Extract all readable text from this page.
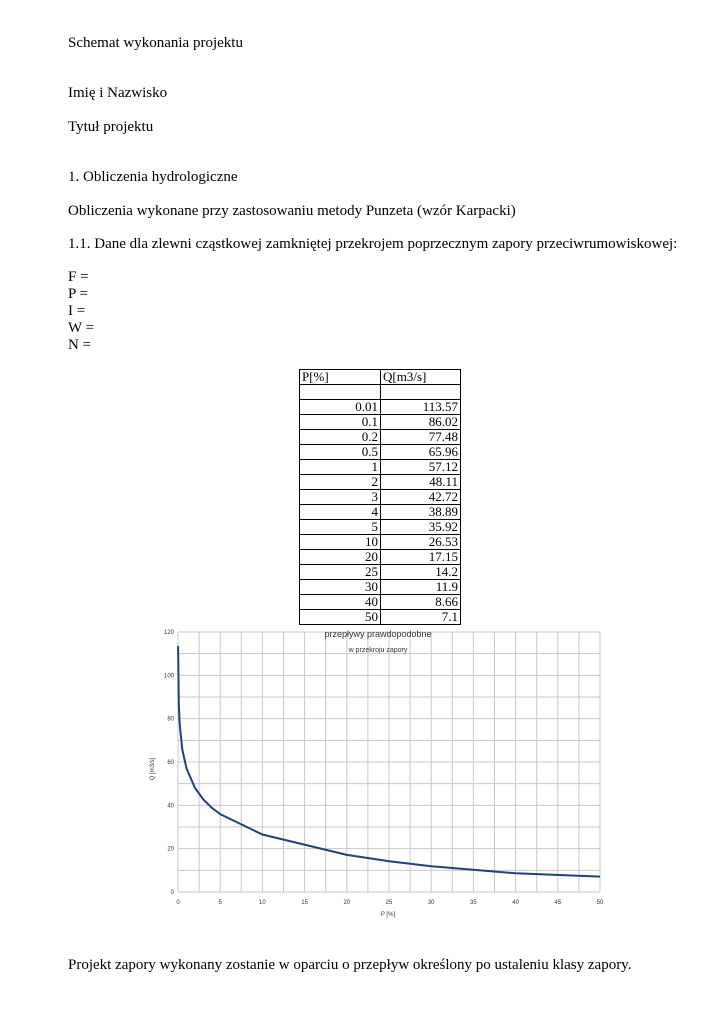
Schemat wykonania projektu
Imię i Nazwisko
Tytuł projektu
1. Obliczenia hydrologiczne
Obliczenia wykonane przy zastosowaniu metody Punzeta (wzór Karpacki)
1.1. Dane dla zlewni cząstkowej zamkniętej przekrojem poprzecznym zapory przeciwrumowiskowej:
F =
P =
I =
W =
N =
P[%]	Q[m3/s]

0.01	113.57
0.1	86.02
0.2	77.48
0.5	65.96
1	57.12
2	48.11
3	42.72
4	38.89
5	35.92
10	26.53
20	17.15
25	14.2
30	11.9
40	8.66
50	7.1
0	5	10	15	20	25	30	35	40	45	50
0
20
40
60
80
100
120	przepływy prawdopodobne
w przekroju zapory
Q [m3/s]
P [%]
Projekt zapory wykonany zostanie w oparciu o przepływ określony po ustaleniu klasy zapory.
